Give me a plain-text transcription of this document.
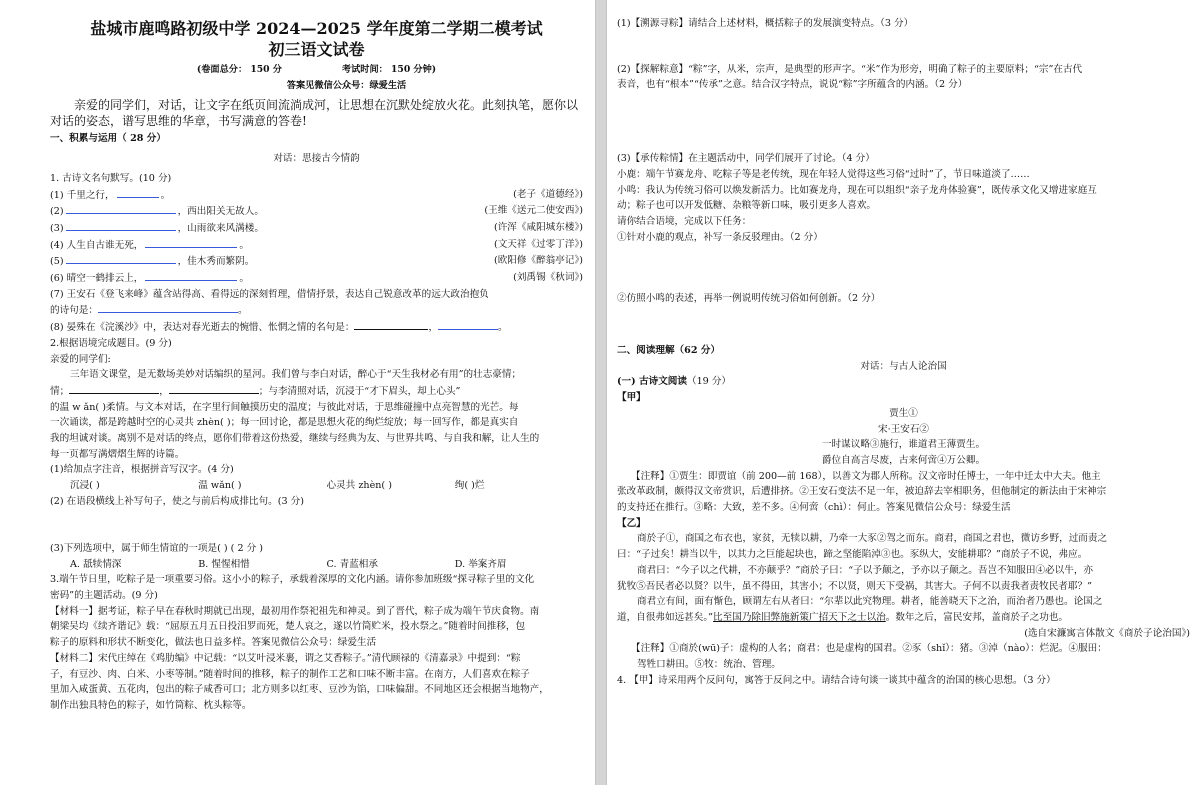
盐城市鹿鸣路初级中学 2024—2025 学年度第二学期二模考试
初三语文试卷
(卷面总分： 150 分	考试时间： 150 分钟)
答案见微信公众号：绿爱生活
亲爱的同学们，对话，让文字在纸页间流淌成河，让思想在沉默处绽放火花。此刻执笔，愿你以对话的姿态，谱写思维的华章，书写满意的答卷!
一、积累与运用（ 28 分）
对话：思接古今情韵
1. 古诗文名句默写。(10 分)
(1) 千里之行，	。	(老子《道德经》)
(2)	，西出阳关无故人。	(王维《送元二使安西》)
(3)	，山雨欲来风满楼。	(许浑《咸阳城东楼》)
(4) 人生自古谁无死，	。	(文天祥《过零丁洋》)
(5)	，佳木秀而繁阴。	(欧阳修《醉翁亭记》)
(6) 晴空一鹤排云上，	。	(刘禹锡《秋词》)
(7) 王安石《登飞来峰》蕴含站得高、看得远的深刻哲理，借情抒景，表达自己锐意改革的远大政治抱负
的诗句是：	。
(8) 晏殊在《浣溪沙》中，表达对春光逝去的惋惜、怅惘之情的名句是：	，	。
2.根据语境完成题目。(9 分)
亲爱的同学们:
三年语文课堂，是无数场美妙对话编织的星河。我们曾与李白对话，醉心于“天生我材必有用”的壮志豪情；
情；	，	；与李清照对话，沉浸于“才下眉头，却上心头”
的温 w ǎn( )柔情。与文本对话，在字里行间触摸历史的温度；与彼此对话，于思维碰撞中点亮智慧的光芒。每
一次诵读，都是跨越时空的心灵共 zhèn( )；每一回讨论，都是思想火花的绚烂绽放；每一回写作，都是真实自
我的坦诚对谈。离别不是对话的终点，愿你们带着这份热爱，继续与经典为友、与世界共鸣、与自我和解，让人生的
每一页都写满熠熠生辉的诗篇。
(1)给加点字注音，根据拼音写汉字。(4 分)
沉浸( )	温 wǎn( )	心灵共 zhèn( )	绚( )烂
(2) 在语段横线上补写句子，使之与前后构成排比句。(3 分)
(3)下列选项中，属于师生情谊的一项是( ) ( 2 分 )
A. 舐犊情深	B. 惺惺相惜	C. 青蓝相承	D. 举案齐眉
3.端午节日里，吃粽子是一项重要习俗。这小小的粽子，承载着深厚的文化内涵。请你参加班级“探寻粽子里的文化
密码”的主题活动。(9 分)
【材料一】据考证，粽子早在春秋时期就已出现，最初用作祭祀祖先和神灵。到了晋代，粽子成为端午节庆食物。南
朝梁吴均《续齐谐记》载：“屈原五月五日投汨罗而死，楚人哀之，遂以竹筒贮米，投水祭之。”随着时间推移，包
粽子的原料和形状不断变化，做法也日益多样。答案见微信公众号：绿爱生活
【材料二】宋代庄绰在《鸡肋编》中记载：“以艾叶浸米裹，谓之艾香粽子。”清代顾禄的《清嘉录》中提到：“粽
子，有豆沙、肉、白米、小枣等制。”随着时间的推移，粽子的制作工艺和口味不断丰富。在南方，人们喜欢在粽子
里加入咸蛋黄、五花肉，包出的粽子咸香可口；北方则多以红枣、豆沙为馅，口味偏甜。不同地区还会根据当地物产，
制作出独具特色的粽子，如竹筒粽、枕头粽等。
(1)【溯源寻粽】请结合上述材料，概括粽子的发展演变特点。（3 分）
(2)【探解粽意】“粽”字，从米，宗声，是典型的形声字。“米”作为形旁，明确了粽子的主要原料；“宗”在古代
表音，也有“根本”“传承”之意。结合汉字特点，说说“粽”字所蕴含的内涵。（2 分）
(3)【承传粽情】在主题活动中，同学们展开了讨论。（4 分）
小鹿：端午节赛龙舟、吃粽子等是老传统，现在年轻人觉得这些习俗“过时”了，节日味道淡了……
小鸣：我认为传统习俗可以焕发新活力。比如赛龙舟，现在可以组织“亲子龙舟体验赛”，既传承文化又增进家庭互
动；粽子也可以开发低糖、杂粮等新口味，吸引更多人喜欢。
请你结合语境，完成以下任务：
①针对小鹿的观点，补写一条反驳理由。（2 分）
②仿照小鸣的表述，再举一例说明传统习俗如何创新。（2 分）
二、阅读理解（62 分）
对话：与古人论治国
(一) 古诗文阅读（19 分）
【甲】
贾生①
宋·王安石②
一时谋议略③施行，谁道君王薄贾生。
爵位自高言尽废，古来何啻④万公卿。
【注释】①贾生：即贾谊（前 200—前 168），以善文为郡人所称。汉文帝时任博士，一年中迁太中大夫。他主
张改革政制，颇得汉文帝赏识，后遭排挤。②王安石变法不足一年，被迫辞去宰相职务，但他制定的新法由于宋神宗
的支持还在推行。③略：大致，差不多。④何啻（chì）：何止。答案见微信公众号：绿爱生活
【乙】
商於子①，商国之布衣也，家贫，无犊以耕，乃牵一大豕②驾之而东。商君，商国之君也，微访乡野，过而责之
曰：“子过矣！耕当以牛，以其力之巨能起块也，蹄之坚能陷淖③也。豕纵大，安能耕耶？”商於子不说，弗应。
商君曰：“今子以之代耕，不亦颠乎？”商於子曰：“子以予颠之，予亦以子颠之。吾岂不知服田④必以牛，亦
犹牧⑤吾民者必以贤？以牛，虽不得田，其害小；不以贤，则天下受祸，其害大。子何不以责我者责牧民者耶？”
商君立有间，面有惭色，顾谓左右从者曰：“尔辈以此究物理。耕者，能善晓天下之治，而治者乃愚也。论国之
道，自很弗如远甚矣。”比至国乃除旧弊施新策广招天下之士以治。数年之后，富民安邦，盖商於子之功也。
(选自宋濂寓言体散文《商於子论治国》)
【注释】①商於(wū)子：虚构的人名；商君：也是虚构的国君。②豕（shǐ）：猪。③淖（nào）：烂泥。④服田：
驾牲口耕田。⑤牧：统治、管理。
4. 【甲】诗采用两个反问句，寓答于反问之中。请结合诗句谈一谈其中蕴含的治国的核心思想。（3 分）
